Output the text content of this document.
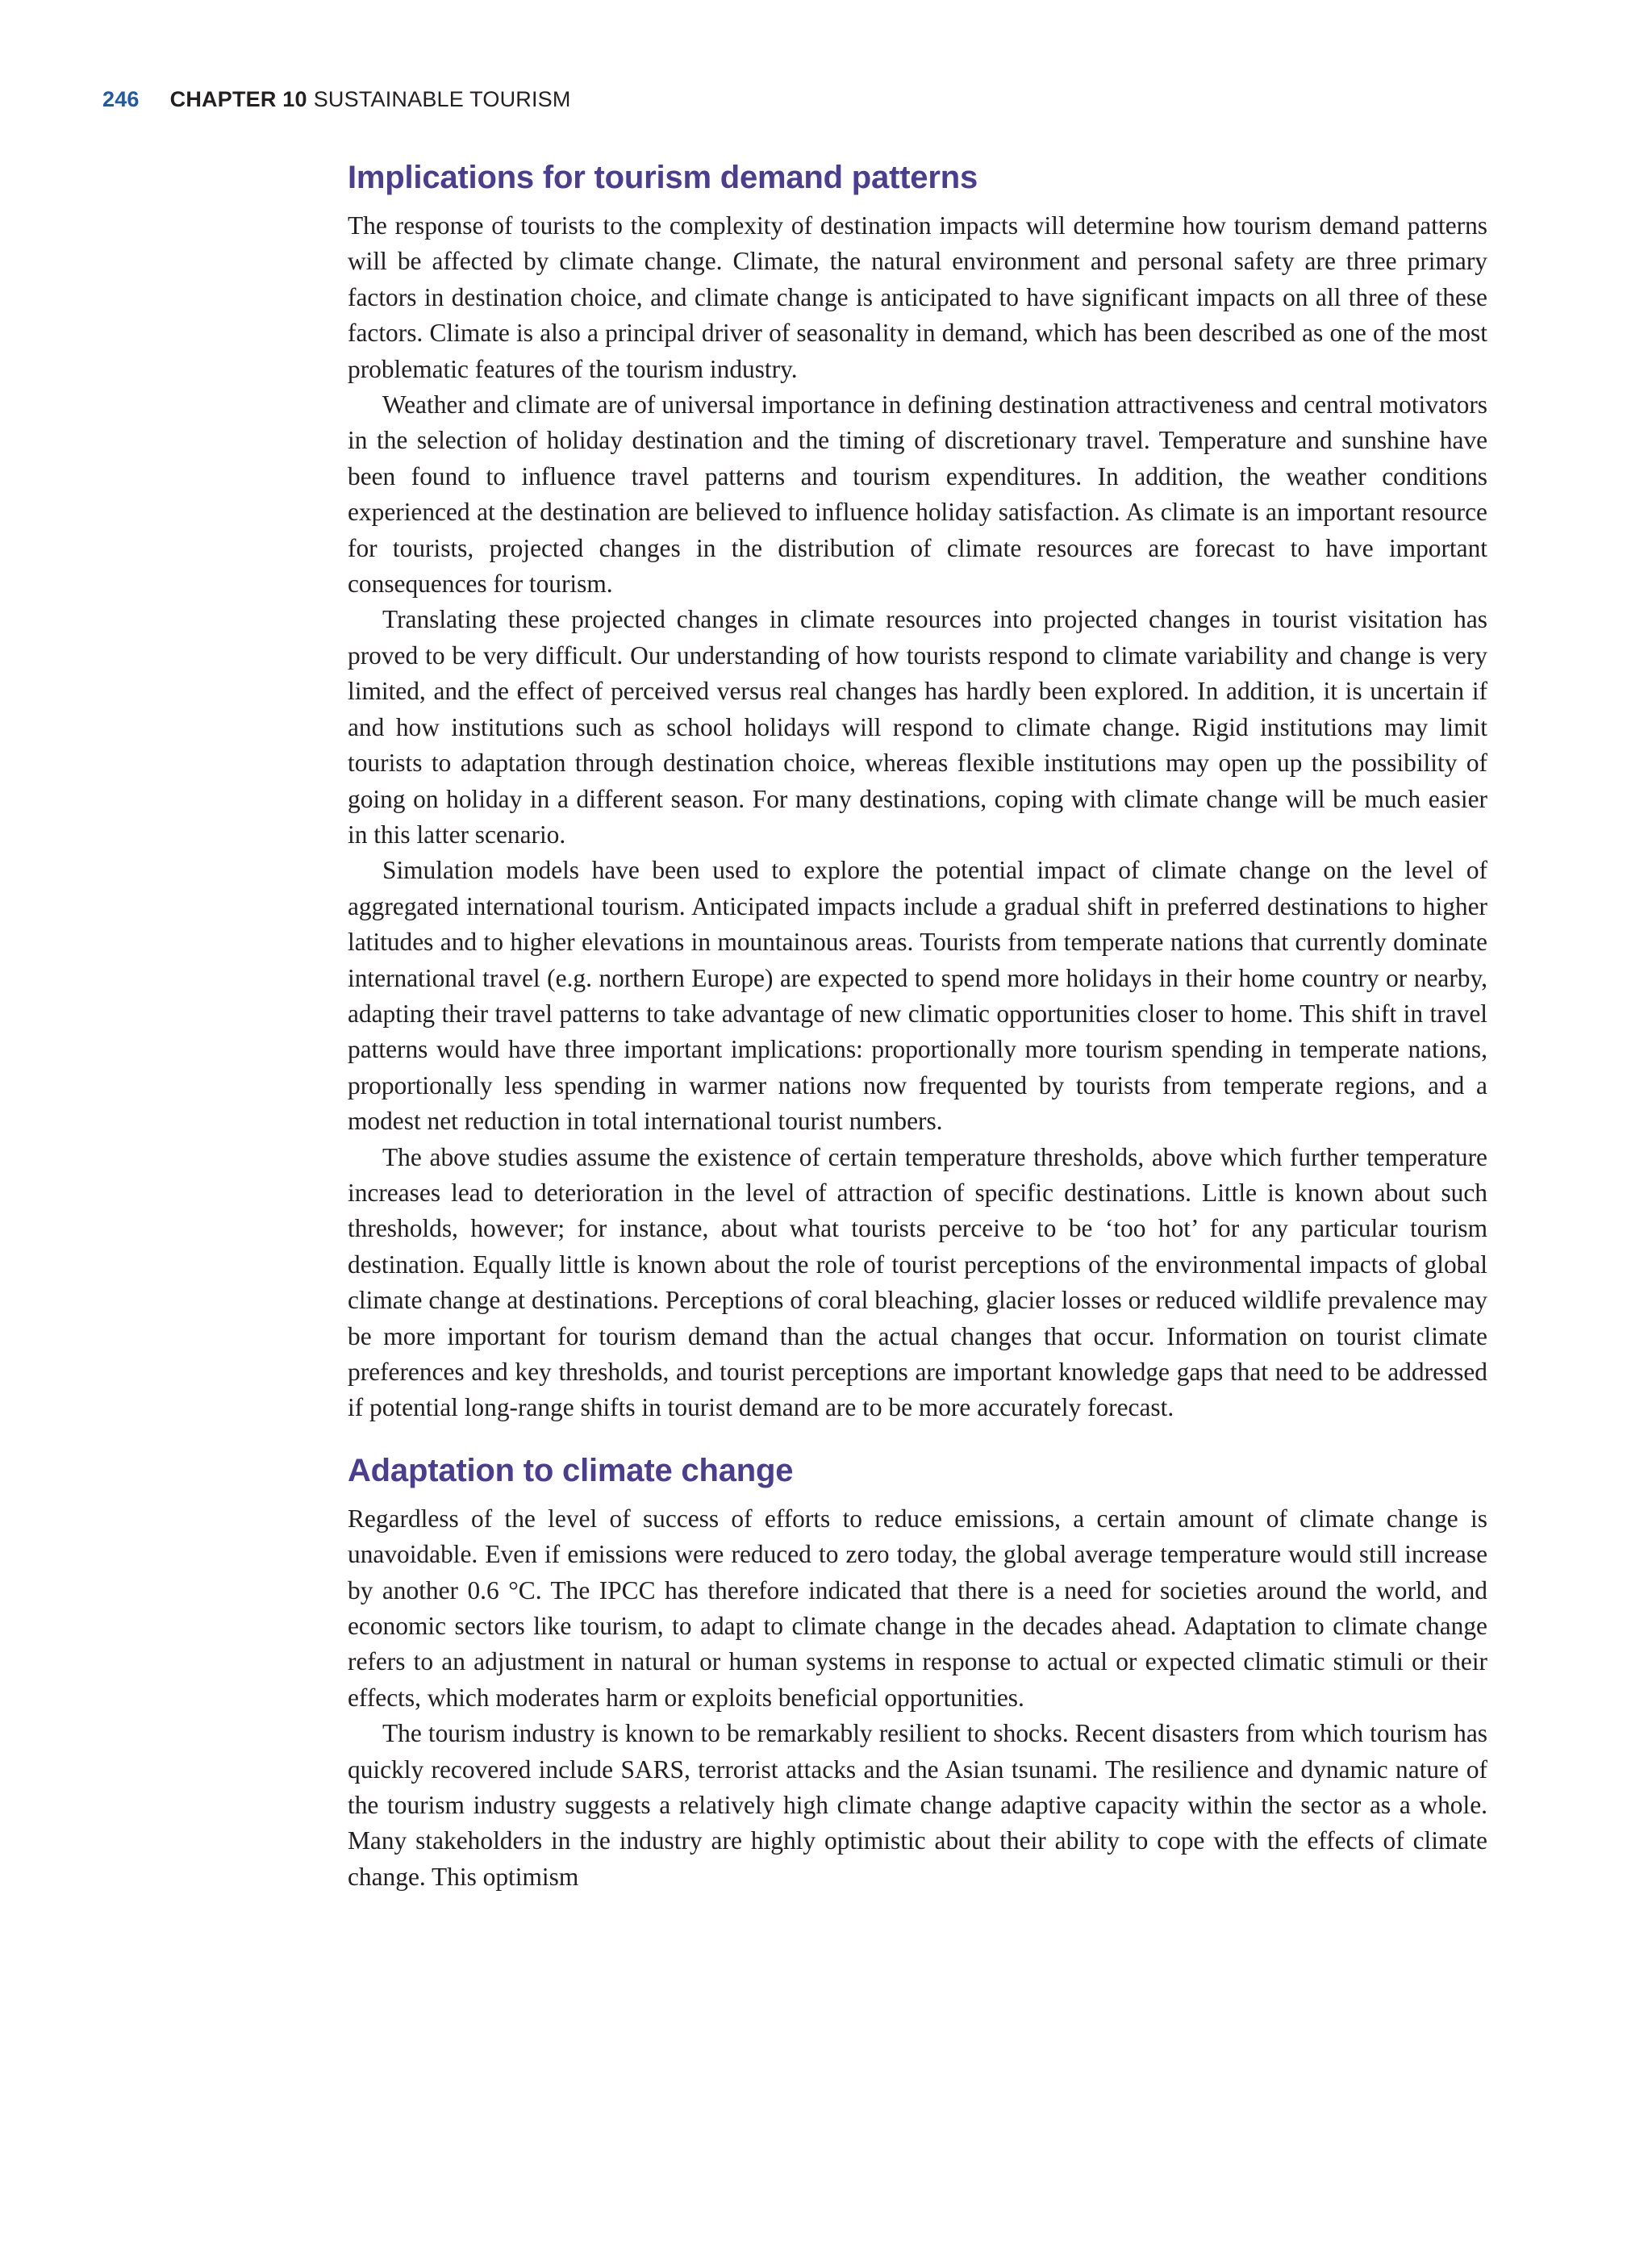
246 CHAPTER 10 SUSTAINABLE TOURISM
Implications for tourism demand patterns

The response of tourists to the complexity of destination impacts will determine how tourism demand patterns will be affected by climate change. Climate, the natural environment and personal safety are three primary factors in destination choice, and climate change is anticipated to have significant impacts on all three of these factors. Climate is also a principal driver of seasonality in demand, which has been described as one of the most problematic features of the tourism industry.

Weather and climate are of universal importance in defining destination attractiveness and central motivators in the selection of holiday destination and the timing of discretionary travel. Temperature and sunshine have been found to influence travel patterns and tourism expenditures. In addition, the weather conditions experienced at the destination are believed to influence holiday satisfaction. As climate is an important resource for tourists, projected changes in the distribution of climate resources are forecast to have important consequences for tourism.

Translating these projected changes in climate resources into projected changes in tourist visitation has proved to be very difficult. Our understanding of how tourists respond to climate variability and change is very limited, and the effect of perceived versus real changes has hardly been explored. In addition, it is uncertain if and how institutions such as school holidays will respond to climate change. Rigid institutions may limit tourists to adaptation through destination choice, whereas flexible institutions may open up the possibility of going on holiday in a different season. For many destinations, coping with climate change will be much easier in this latter scenario.

Simulation models have been used to explore the potential impact of climate change on the level of aggregated international tourism. Anticipated impacts include a gradual shift in preferred destinations to higher latitudes and to higher elevations in mountainous areas. Tourists from temperate nations that currently dominate international travel (e.g. northern Europe) are expected to spend more holidays in their home country or nearby, adapting their travel patterns to take advantage of new climatic opportunities closer to home. This shift in travel patterns would have three important implications: proportionally more tourism spending in temperate nations, proportionally less spending in warmer nations now frequented by tourists from temperate regions, and a modest net reduction in total international tourist numbers.

The above studies assume the existence of certain temperature thresholds, above which further temperature increases lead to deterioration in the level of attraction of specific destinations. Little is known about such thresholds, however; for instance, about what tourists perceive to be ‘too hot’ for any particular tourism destination. Equally little is known about the role of tourist perceptions of the environmental impacts of global climate change at destinations. Perceptions of coral bleaching, glacier losses or reduced wildlife prevalence may be more important for tourism demand than the actual changes that occur. Information on tourist climate preferences and key thresholds, and tourist perceptions are important knowledge gaps that need to be addressed if potential long-range shifts in tourist demand are to be more accurately forecast.

Adaptation to climate change

Regardless of the level of success of efforts to reduce emissions, a certain amount of climate change is unavoidable. Even if emissions were reduced to zero today, the global average temperature would still increase by another 0.6 °C. The IPCC has therefore indicated that there is a need for societies around the world, and economic sectors like tourism, to adapt to climate change in the decades ahead. Adaptation to climate change refers to an adjustment in natural or human systems in response to actual or expected climatic stimuli or their effects, which moderates harm or exploits beneficial opportunities.

The tourism industry is known to be remarkably resilient to shocks. Recent disasters from which tourism has quickly recovered include SARS, terrorist attacks and the Asian tsunami. The resilience and dynamic nature of the tourism industry suggests a relatively high climate change adaptive capacity within the sector as a whole. Many stakeholders in the industry are highly optimistic about their ability to cope with the effects of climate change. This optimism
